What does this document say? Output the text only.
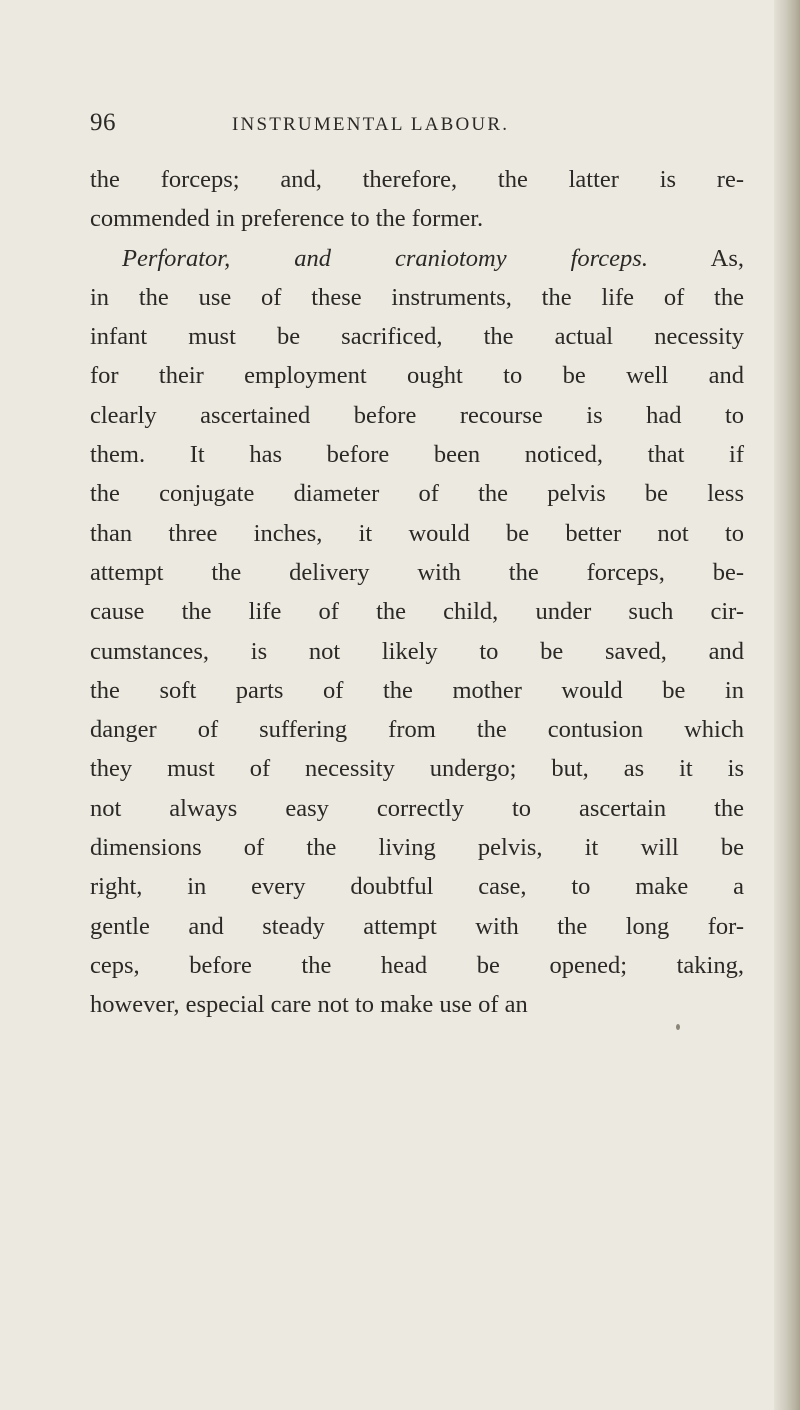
96	INSTRUMENTAL LABOUR.
the forceps; and, therefore, the latter is re-
commended in preference to the former.
Perforator, and craniotomy forceps.	As,
in the use of these instruments, the life of the
infant must be sacrificed, the actual necessity
for their employment ought to be well and
clearly ascertained before recourse is had to
them. It has before been noticed, that if
the conjugate diameter of the pelvis be less
than three inches, it would be better not to
attempt the delivery with the forceps, be-
cause the life of the child, under such cir-
cumstances, is not likely to be saved, and
the soft parts of the mother would be in
danger of suffering from the contusion which
they must of necessity undergo; but, as it is
not always easy correctly to ascertain the
dimensions of the living pelvis, it will be
right, in every doubtful case, to make a
gentle and steady attempt with the long for-
ceps, before the head be opened; taking,
however, especial care not to make use of an
